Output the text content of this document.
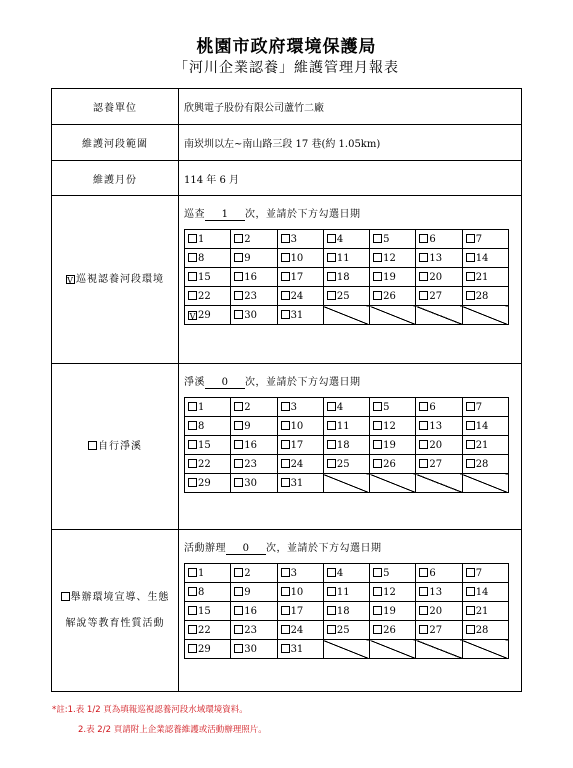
桃園市政府環境保護局
「河川企業認養」維護管理月報表
認養單位	欣興電子股份有限公司蘆竹二廠
維護河段範圍	南崁圳以左~南山路三段 17 巷(約 1.05km)
維護月份	114 年 6 月
V 巡視認養河段環境	
巡查 1 次，並請於下方勾選日期
1	2	3	4	5	6	7
8	9	10	11	12	13	14
15	16	17	18	19	20	21
22	23	24	25	26	27	28
V 29	30	31				

自行淨溪	
淨溪 0 次，並請於下方勾選日期
1	2	3	4	5	6	7
8	9	10	11	12	13	14
15	16	17	18	19	20	21
22	23	24	25	26	27	28
29	30	31				

舉辦環境宣導、生態
解說等教育性質活動

活動辦理 0 次，並請於下方勾選日期
1	2	3	4	5	6	7
8	9	10	11	12	13	14
15	16	17	18	19	20	21
22	23	24	25	26	27	28
29	30	31				
*註:1.表 1/2 頁為填報巡視認養河段水域環境資料。
2.表 2/2 頁請附上企業認養維護或活動辦理照片。
